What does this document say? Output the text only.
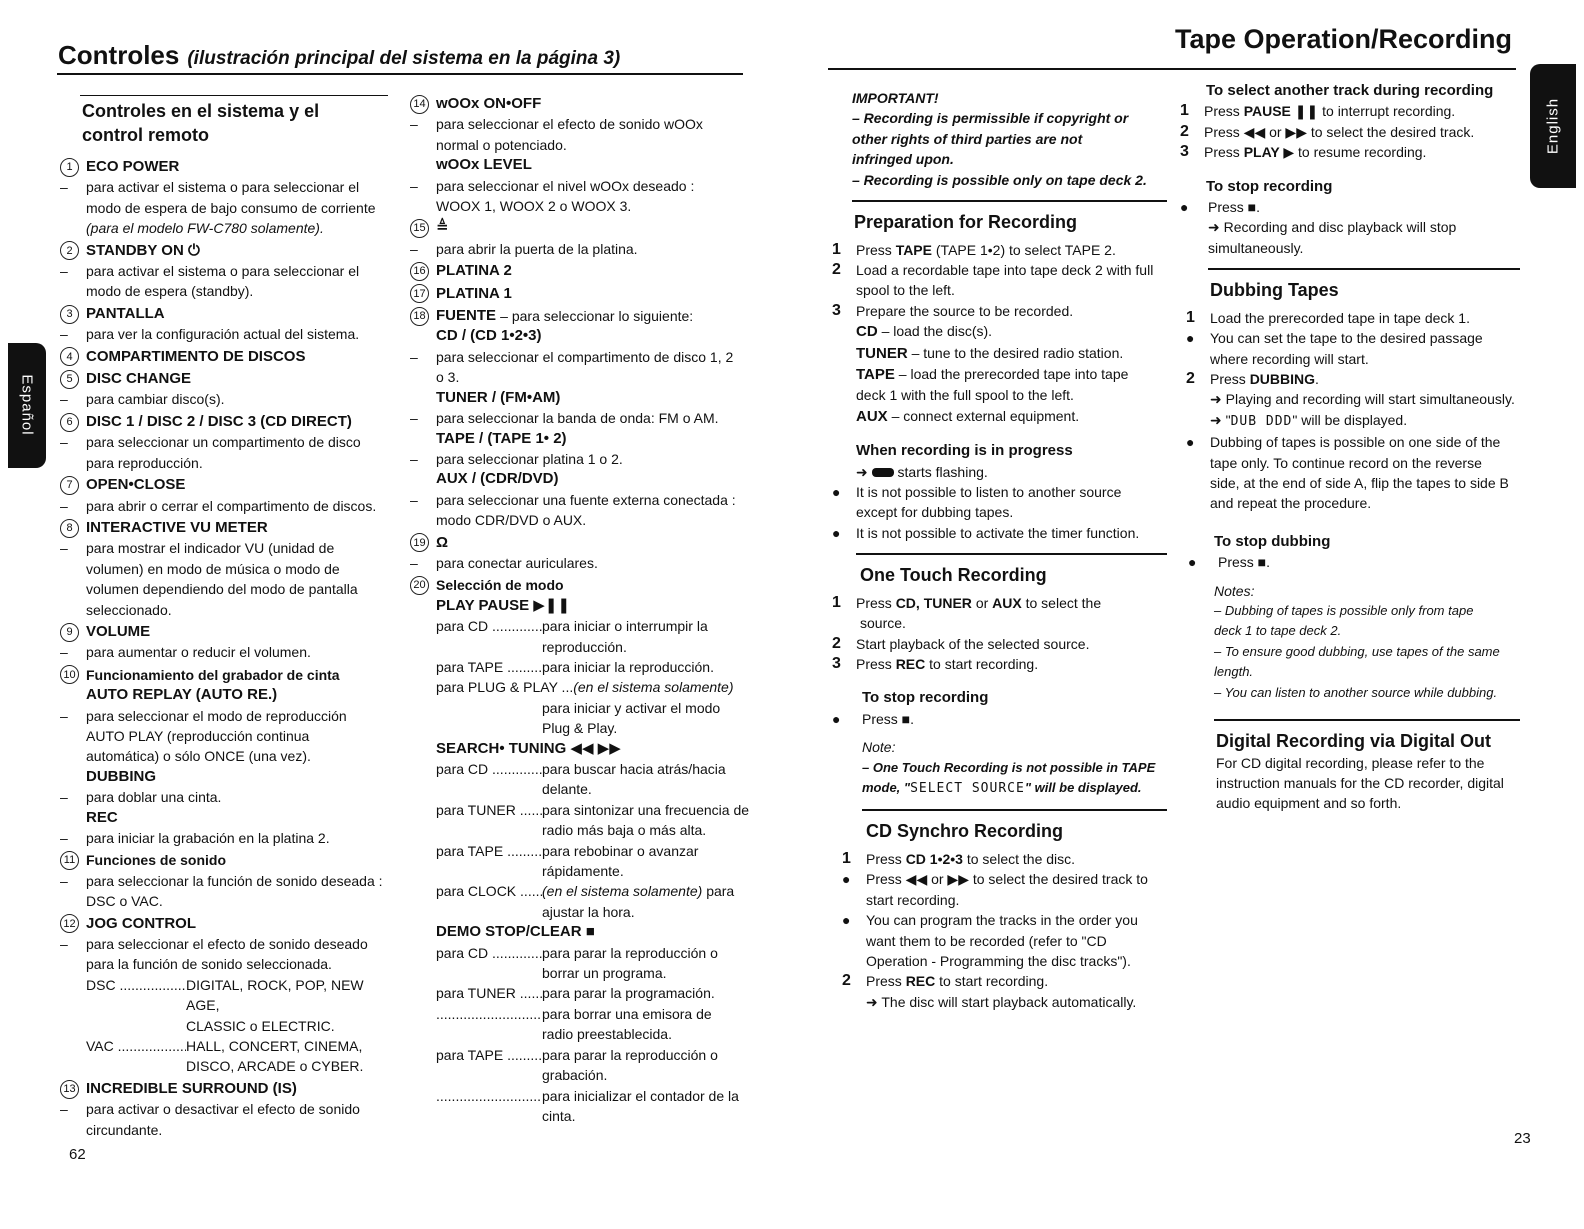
Controles (ilustración principal del sistema en la página 3)
Tape Operation/Recording
Español
English
Controles en el sistema y el
control remoto
1 ECO POWER
–	para activar el sistema o para seleccionar el
modo de espera de bajo consumo de corriente
(para el modelo FW-C780 solamente).
2 STANDBY ON ⏻
–	para activar el sistema o para seleccionar el
modo de espera (standby).
3 PANTALLA
–	para ver la configuración actual del sistema.
4 COMPARTIMENTO DE DISCOS
5 DISC CHANGE
–	para cambiar disco(s).
6 DISC 1 / DISC 2 / DISC 3 (CD DIRECT)
–	para seleccionar un compartimento de disco
para reproducción.
7 OPEN•CLOSE
–	para abrir o cerrar el compartimento de discos.
8 INTERACTIVE VU METER
–	para mostrar el indicador VU (unidad de
volumen) en modo de música o modo de
volumen dependiendo del modo de pantalla
seleccionado.
9 VOLUME
–	para aumentar o reducir el volumen.
10 Funcionamiento del grabador de cinta
AUTO REPLAY (AUTO RE.)
–	para seleccionar el modo de reproducción
AUTO PLAY (reproducción continua
automática) o sólo ONCE (una vez).
DUBBING
–	para doblar una cinta.
REC
–	para iniciar la grabación en la platina 2.
11 Funciones de sonido
–	para seleccionar la función de sonido deseada :
DSC o VAC.
12 JOG CONTROL
–	para seleccionar el efecto de sonido deseado
para la función de sonido seleccionada.
DSC .....	DIGITAL, ROCK, POP, NEW AGE,
CLASSIC o ELECTRIC.
VAC .....	HALL, CONCERT, CINEMA,
DISCO, ARCADE o CYBER.
13 INCREDIBLE SURROUND (IS)
–	para activar o desactivar el efecto de sonido
circundante.
14 wOOx ON•OFF
–	para seleccionar el efecto de sonido wOOx
normal o potenciado.
wOOx LEVEL
–	para seleccionar el nivel wOOx deseado :
WOOX 1, WOOX 2 o WOOX 3.
15 ≜
–	para abrir la puerta de la platina.
16 PLATINA 2
17 PLATINA 1
18 FUENTE
– para seleccionar lo siguiente:
CD / (CD 1•2•3)
–	para seleccionar el compartimento de disco 1, 2
o 3.
TUNER / (FM•AM)
–	para seleccionar la banda de onda: FM o AM.
TAPE / (TAPE 1• 2)
–	para seleccionar platina 1 o 2.
AUX / (CDR/DVD)
–	para seleccionar una fuente externa conectada :
modo CDR/DVD o AUX.
19 Ω
–	para conectar auriculares.
20 Selección de modo
PLAY PAUSE ▶❚❚
para CD .....	para iniciar o interrumpir la
reproducción.
para TAPE .....	para iniciar la reproducción.
para PLUG & PLAY ...(en el sistema solamente)
para iniciar y activar el modo
Plug & Play.
SEARCH• TUNING ◀◀ ▶▶
para CD .....	para buscar hacia atrás/hacia
delante.
para TUNER .....	para sintonizar una frecuencia de
radio más baja o más alta.
para TAPE .....	para rebobinar o avanzar
rápidamente.
para CLOCK .....	(en el sistema solamente) para
ajustar la hora.
DEMO STOP/CLEAR ■
para CD .....	para parar la reproducción o
borrar un programa.
para TUNER .....	para parar la programación.
.....
para borrar una emisora de
radio preestablecida.
para TAPE .....	para parar la reproducción o
grabación.
.....
para inicializar el contador de la
cinta.
IMPORTANT!
– Recording is permissible if copyright or
other rights of third parties are not
infringed upon.
– Recording is possible only on tape deck 2.
Preparation for Recording
1	Press TAPE (TAPE 1•2) to select TAPE 2.
2	Load a recordable tape into tape deck 2 with full
spool to the left.
3	Prepare the source to be recorded.
CD – load the disc(s).
TUNER – tune to the desired radio station.
TAPE – load the prerecorded tape into tape
deck 1 with the full spool to the left.
AUX – connect external equipment.
When recording is in progress
➜ starts flashing.
●	It is not possible to listen to another source
except for dubbing tapes.
●	It is not possible to activate the timer function.
One Touch Recording
1	Press CD, TUNER or AUX to select the
source.
2	Start playback of the selected source.
3	Press REC to start recording.
To stop recording
●	Press ■.
Note:
– One Touch Recording is not possible in TAPE
mode, "SELECT SOURCE" will be displayed.
CD Synchro Recording
1	Press CD 1•2•3 to select the disc.
●	Press ◀◀ or ▶▶ to select the desired track to
start recording.
●	You can program the tracks in the order you
want them to be recorded (refer to "CD
Operation - Programming the disc tracks").
2	Press REC to start recording.
➜ The disc will start playback automatically.
To select another track during recording
1	Press PAUSE ❚❚ to interrupt recording.
2	Press ◀◀ or ▶▶ to select the desired track.
3	Press PLAY ▶ to resume recording.
To stop recording
●	Press ■.
➜ Recording and disc playback will stop
simultaneously.
Dubbing Tapes
1	Load the prerecorded tape in tape deck 1.
●	You can set the tape to the desired passage
where recording will start.
2	Press DUBBING.
➜ Playing and recording will start simultaneously.
➜ "DUB DDD" will be displayed.
●	Dubbing of tapes is possible on one side of the
tape only. To continue record on the reverse
side, at the end of side A, flip the tapes to side B
and repeat the procedure.
To stop dubbing
●	Press ■.
Notes:
– Dubbing of tapes is possible only from tape
deck 1 to tape deck 2.
– To ensure good dubbing, use tapes of the same
length.
– You can listen to another source while dubbing.
Digital Recording via Digital Out
For CD digital recording, please refer to the
instruction manuals for the CD recorder, digital
audio equipment and so forth.
62
23
